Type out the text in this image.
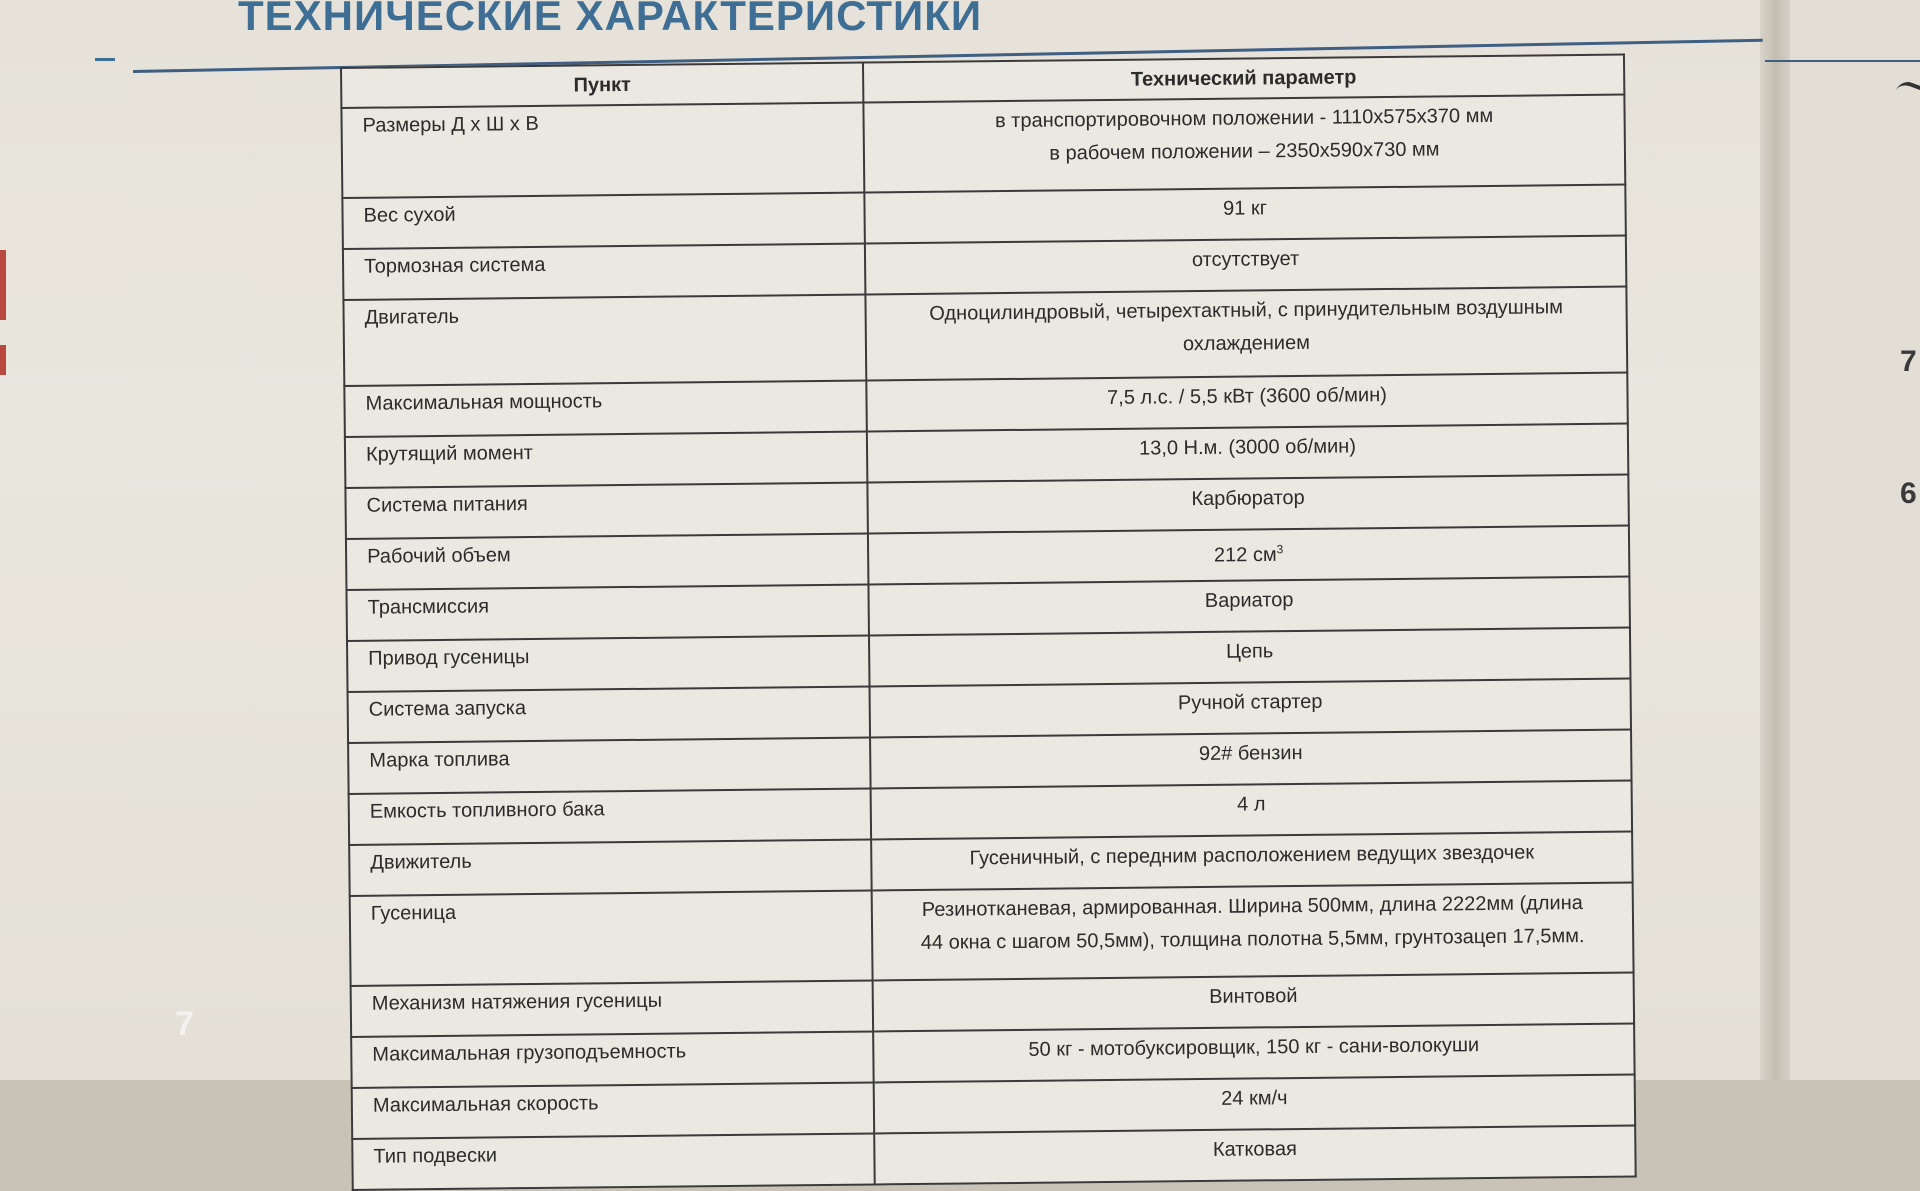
ТЕХНИЧЕСКИЕ ХАРАКТЕРИСТИКИ
Пункт	Технический параметр
Размеры Д х Ш х В	в транспортировочном положении - 1110х575х370 мм
в рабочем положении – 2350х590х730 мм

Вес сухой	91 кг
Тормозная система	отсутствует
Двигатель	Одноцилиндровый, четырехтактный, с принудительным воздушным
охлаждением

Максимальная мощность	7,5 л.с. / 5,5 кВт (3600 об/мин)
Крутящий момент	13,0 Н.м. (3000 об/мин)
Система питания	Карбюратор
Рабочий объем	212 $см^3$
Трансмиссия	Вариатор
Привод гусеницы	Цепь
Система запуска	Ручной стартер
Марка топлива	92# бензин
Емкость топливного бака	4 л
Движитель	Гусеничный, с передним расположением ведущих звездочек
Гусеница	Резинотканевая, армированная. Ширина 500мм, длина 2222мм (длина
44 окна с шагом 50,5мм), толщина полотна 5,5мм, грунтозацеп 17,5мм.

Механизм натяжения гусеницы	Винтовой
Максимальная грузоподъемность	50 кг - мотобуксировщик, 150 кг - сани-волокуши
Максимальная скорость	24 км/ч
Тип подвески	Катковая
7
7
6
